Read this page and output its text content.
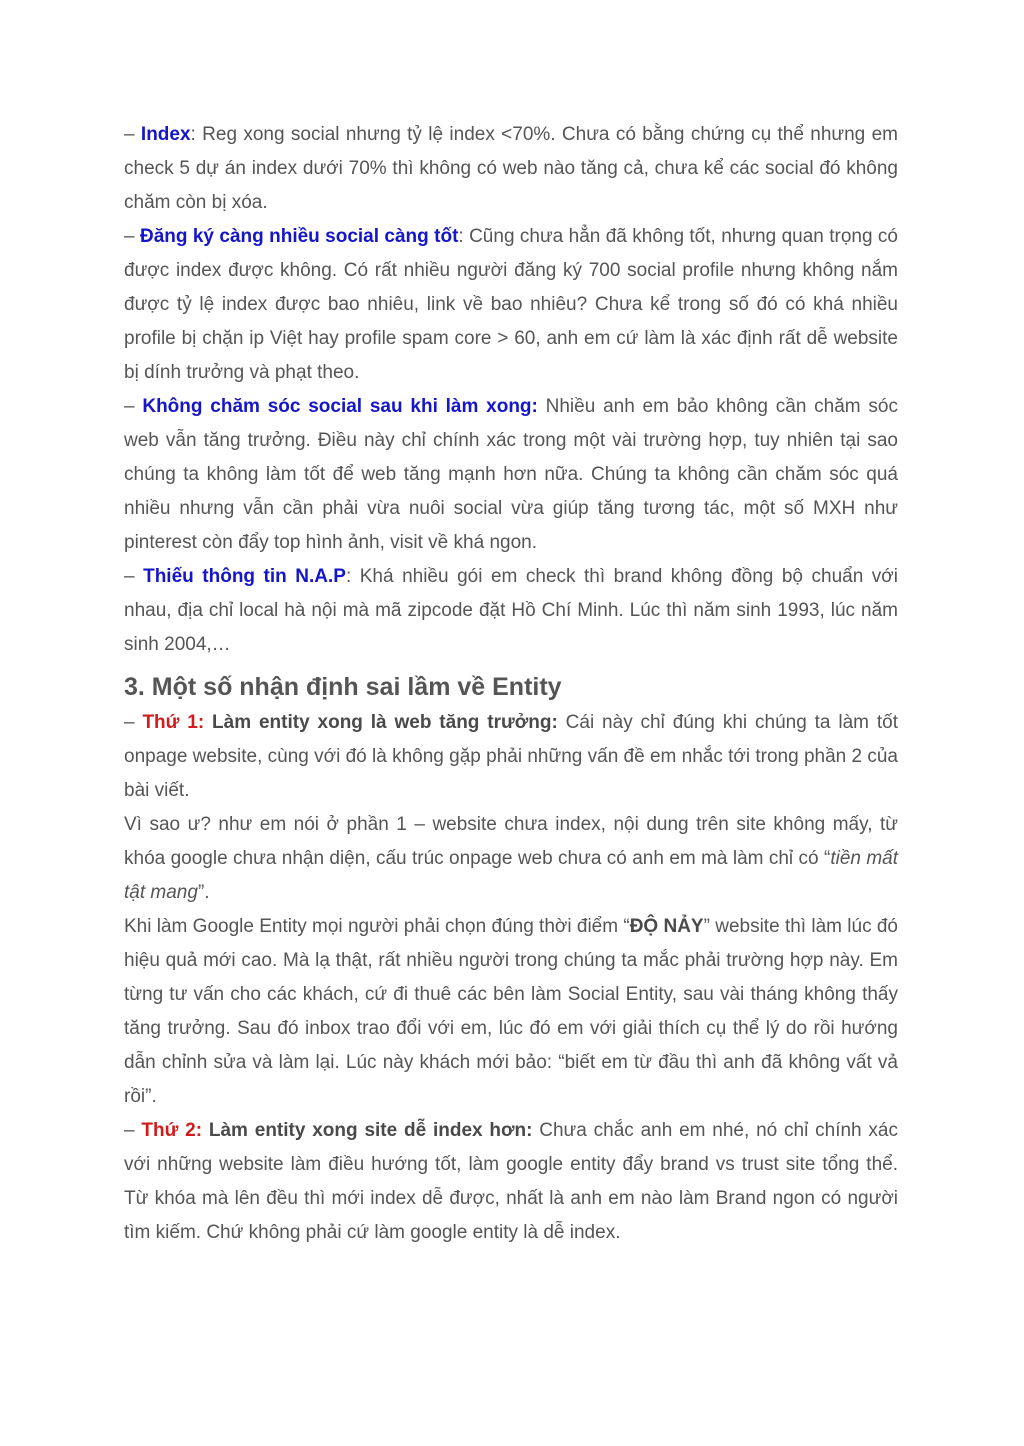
– Index: Reg xong social nhưng tỷ lệ index <70%. Chưa có bằng chứng cụ thể nhưng em check 5 dự án index dưới 70% thì không có web nào tăng cả, chưa kể các social đó không chăm còn bị xóa.

– Đăng ký càng nhiều social càng tốt: Cũng chưa hẳn đã không tốt, nhưng quan trọng có được index được không. Có rất nhiều người đăng ký 700 social profile nhưng không nắm được tỷ lệ index được bao nhiêu, link về bao nhiêu? Chưa kể trong số đó có khá nhiều profile bị chặn ip Việt hay profile spam core > 60, anh em cứ làm là xác định rất dễ website bị dính trưởng và phạt theo.

– Không chăm sóc social sau khi làm xong: Nhiều anh em bảo không cần chăm sóc web vẫn tăng trưởng. Điều này chỉ chính xác trong một vài trường hợp, tuy nhiên tại sao chúng ta không làm tốt để web tăng mạnh hơn nữa. Chúng ta không cần chăm sóc quá nhiều nhưng vẫn cần phải vừa nuôi social vừa giúp tăng tương tác, một số MXH như pinterest còn đẩy top hình ảnh, visit về khá ngon.

– Thiếu thông tin N.A.P: Khá nhiều gói em check thì brand không đồng bộ chuẩn với nhau, địa chỉ local hà nội mà mã zipcode đặt Hồ Chí Minh. Lúc thì năm sinh 1993, lúc năm sinh 2004,…

3. Một số nhận định sai lầm về Entity

– Thứ 1: Làm entity xong là web tăng trưởng: Cái này chỉ đúng khi chúng ta làm tốt onpage website, cùng với đó là không gặp phải những vấn đề em nhắc tới trong phần 2 của bài viết.

Vì sao ư? như em nói ở phần 1 – website chưa index, nội dung trên site không mấy, từ khóa google chưa nhận diện, cấu trúc onpage web chưa có anh em mà làm chỉ có “tiền mất tật mang”.

Khi làm Google Entity mọi người phải chọn đúng thời điểm “ĐỘ NẢY” website thì làm lúc đó hiệu quả mới cao. Mà lạ thật, rất nhiều người trong chúng ta mắc phải trường hợp này. Em từng tư vấn cho các khách, cứ đi thuê các bên làm Social Entity, sau vài tháng không thấy tăng trưởng. Sau đó inbox trao đổi với em, lúc đó em với giải thích cụ thể lý do rồi hướng dẫn chỉnh sửa và làm lại. Lúc này khách mới bảo: “biết em từ đầu thì anh đã không vất vả rồi”.

– Thứ 2: Làm entity xong site dễ index hơn: Chưa chắc anh em nhé, nó chỉ chính xác với những website làm điều hướng tốt, làm google entity đẩy brand vs trust site tổng thể. Từ khóa mà lên đều thì mới index dễ được, nhất là anh em nào làm Brand ngon có người tìm kiếm. Chứ không phải cứ làm google entity là dễ index.
